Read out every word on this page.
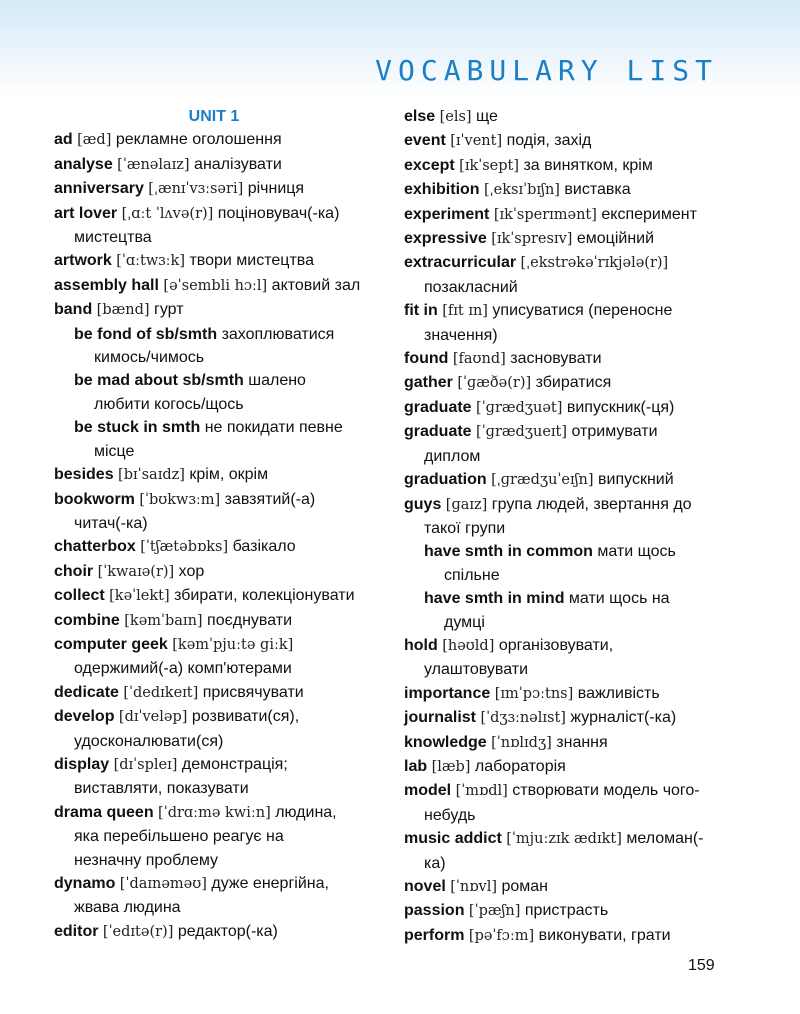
VOCABULARY LIST
UNIT 1
ad [æd] рекламне оголошення
analyse [ˈænəlaɪz] аналізувати
anniversary [ˌænɪˈvɜːsəri] річниця
art lover [ˌɑːt ˈlʌvə(r)] поціновувач(-ка)
мистецтва
artwork [ˈɑːtwɜːk] твори мистецтва
assembly hall [əˈsembli hɔːl] актовий зал
band [bænd] гурт
be fond of sb/smth захоплюватися
кимось/чимось
be mad about sb/smth шалено
любити когось/щось
be stuck in smth не покидати певне
місце
besides [bɪˈsaɪdz] крім, окрім
bookworm [ˈbʊkwɜːm] завзятий(-а)
читач(-ка)
chatterbox [ˈtʃætəbɒks] базікало
choir [ˈkwaɪə(r)] хор
collect [kəˈlekt] збирати, колекціонувати
combine [kəmˈbaɪn] поєднувати
computer geek [kəmˈpjuːtə giːk]
одержимий(-а) комп'ютерами
dedicate [ˈdedɪkeɪt] присвячувати
develop [dɪˈveləp] розвивати(ся),
удосконалювати(ся)
display [dɪˈspleɪ] демонстрація;
виставляти, показувати
drama queen [ˈdrɑːmə kwiːn] людина,
яка перебільшено реагує на
незначну проблему
dynamo [ˈdaɪnəməʊ] дуже енергійна,
жвава людина
editor [ˈedɪtə(r)] редактор(-ка)
else [els] ще
event [ɪˈvent] подія, захід
except [ɪkˈsept] за винятком, крім
exhibition [ˌeksɪˈbɪʃn] виставка
experiment [ɪkˈsperɪmənt] експеримент
expressive [ɪkˈspresɪv] емоційний
extracurricular [ˌekstrəkəˈrɪkjələ(r)]
позакласний
fit in [fɪt ɪn] уписуватися (переносне
значення)
found [faʊnd] засновувати
gather [ˈɡæðə(r)] збиратися
graduate [ˈɡrædʒuət] випускник(-ця)
graduate [ˈɡrædʒueɪt] отримувати
диплом
graduation [ˌɡrædʒuˈeɪʃn] випускний
guys [ɡaɪz] група людей, звертання до
такої групи
have smth in common мати щось
спільне
have smth in mind мати щось на
думці
hold [həʊld] організовувати,
улаштовувати
importance [ɪmˈpɔːtns] важливість
journalist [ˈdʒɜːnəlɪst] журналіст(-ка)
knowledge [ˈnɒlɪdʒ] знання
lab [læb] лабораторія
model [ˈmɒdl] створювати модель чого-
небудь
music addict [ˈmjuːzɪk ædɪkt] меломан(-
ка)
novel [ˈnɒvl] роман
passion [ˈpæʃn] пристрасть
perform [pəˈfɔːm] виконувати, грати
159
